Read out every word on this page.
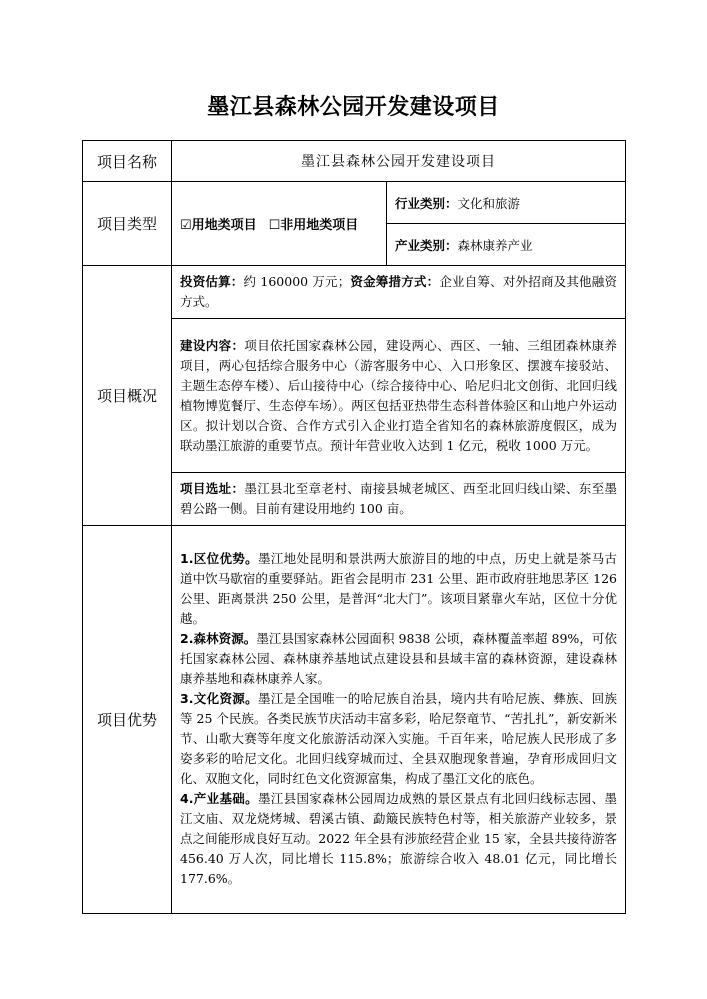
墨江县森林公园开发建设项目
项目名称	墨江县森林公园开发建设项目	
项目类型	☑用地类项目 ☐非用地类项目	行业类别：文化和旅游
		产业类别：森林康养产业
项目概况	投资估算：约 160000 万元；资金筹措方式：企业自筹、对外招商及其他融资方式。	
	建设内容：项目依托国家森林公园，建设两心、西区、一轴、三组团森林康养项目，两心包括综合服务中心（游客服务中心、入口形象区、摆渡车接驳站、主题生态停车楼）、后山接待中心（综合接待中心、哈尼归北文创街、北回归线植物博览餐厅、生态停车场）。两区包括亚热带生态科普体验区和山地户外运动区。拟计划以合资、合作方式引入企业打造全省知名的森林旅游度假区，成为联动墨江旅游的重要节点。预计年营业收入达到 1 亿元，税收 1000 万元。	
	项目选址：墨江县北至章老村、南接县城老城区、西至北回归线山梁、东至墨碧公路一侧。目前有建设用地约 100 亩。	
项目优势	1.区位优势。墨江地处昆明和景洪两大旅游目的地的中点，历史上就是茶马古道中饮马歇宿的重要驿站。距省会昆明市 231 公里、距市政府驻地思茅区 126 公里、距离景洪 250 公里，是普洱“北大门”。该项目紧靠火车站，区位十分优越。
2.森林资源。墨江县国家森林公园面积 9838 公顷，森林覆盖率超 89%，可依托国家森林公园、森林康养基地试点建设县和县域丰富的森林资源，建设森林康养基地和森林康养人家。
3.文化资源。墨江是全国唯一的哈尼族自治县，境内共有哈尼族、彝族、回族等 25 个民族。各类民族节庆活动丰富多彩，哈尼祭竜节、“苦扎扎”，新安新米节、山歌大赛等年度文化旅游活动深入实施。千百年来，哈尼族人民形成了多姿多彩的哈尼文化。北回归线穿城而过、全县双胞现象普遍，孕育形成回归文化、双胞文化，同时红色文化资源富集，构成了墨江文化的底色。
4.产业基础。墨江县国家森林公园周边成熟的景区景点有北回归线标志园、墨江文庙、双龙烧烤城、碧溪古镇、勐簸民族特色村等，相关旅游产业较多，景点之间能形成良好互动。2022 年全县有涉旅经营企业 15 家，全县共接待游客 456.40 万人次，同比增长 115.8%；旅游综合收入 48.01 亿元，同比增长 177.6%。	
